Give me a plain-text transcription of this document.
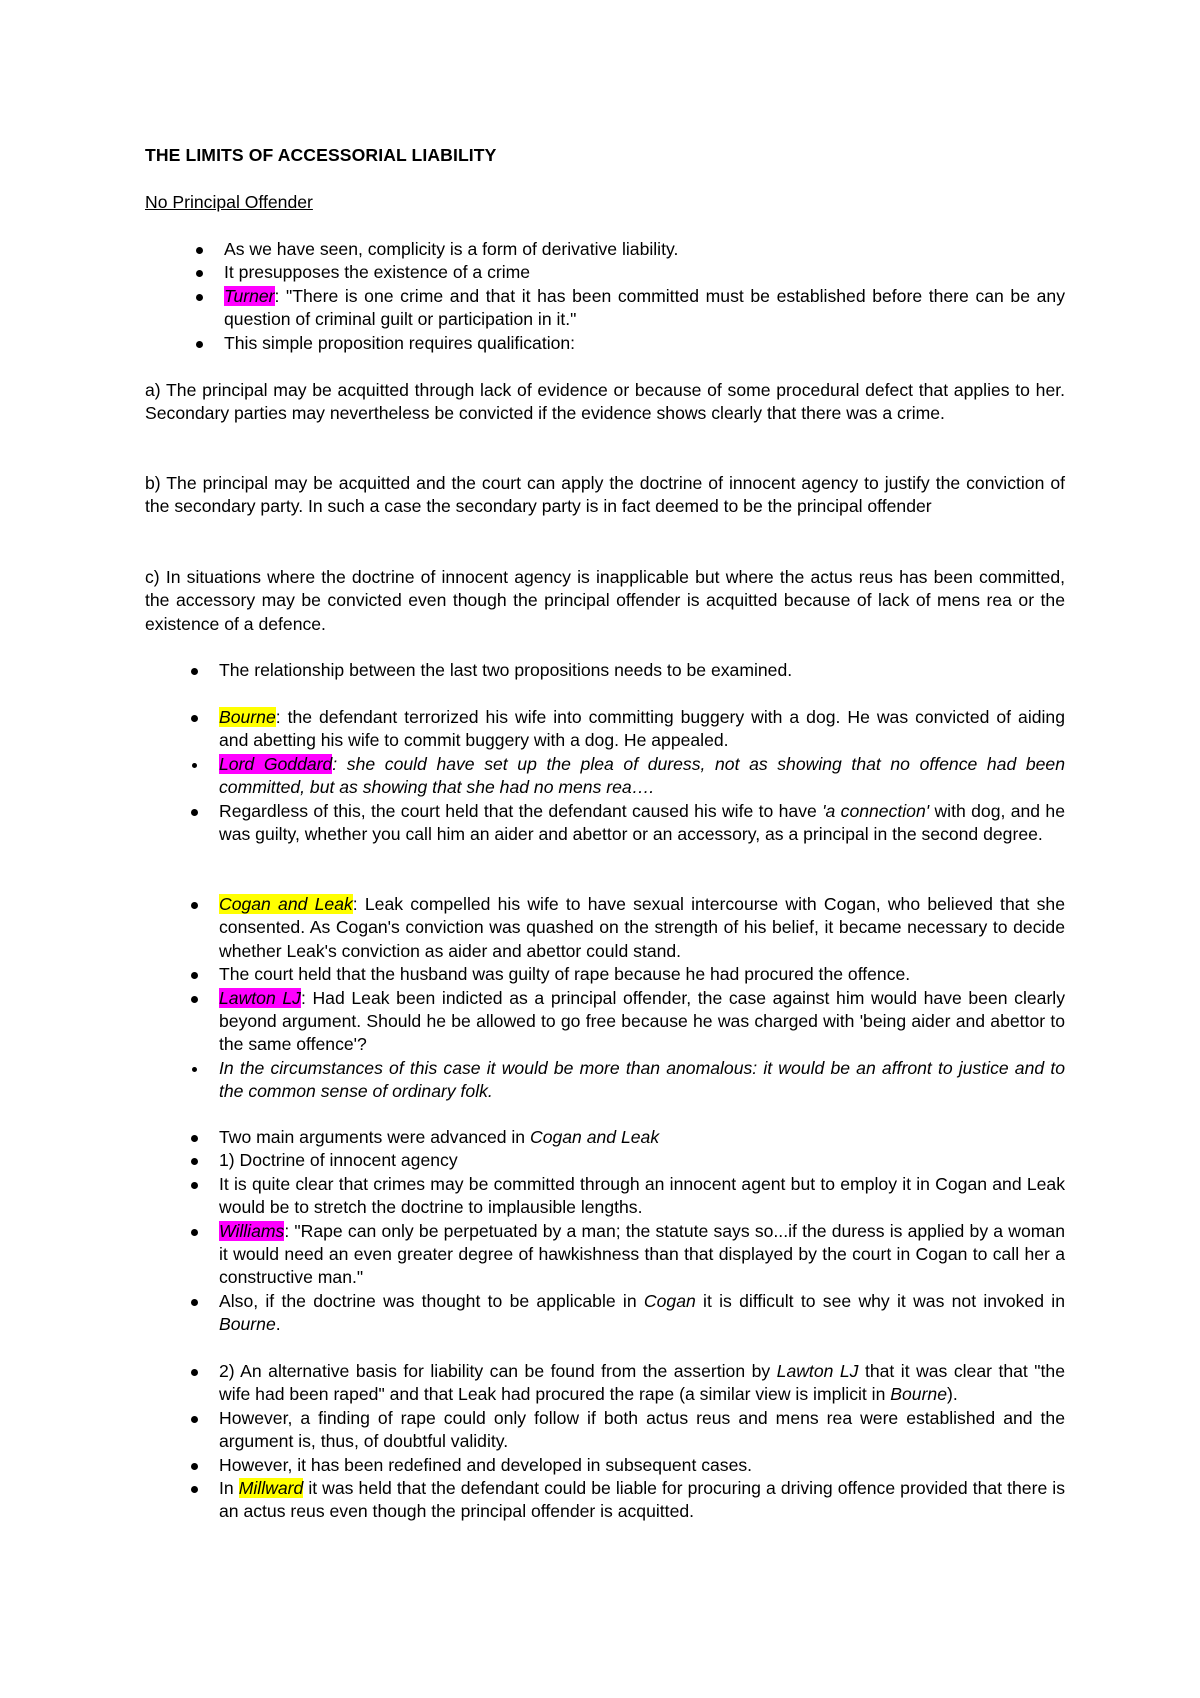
THE LIMITS OF ACCESSORIAL LIABILITY
No Principal Offender
As we have seen, complicity is a form of derivative liability.
It presupposes the existence of a crime
Turner: "There is one crime and that it has been committed must be established before there can be any question of criminal guilt or participation in it."
This simple proposition requires qualification:

a) The principal may be acquitted through lack of evidence or because of some procedural defect that applies to her. Secondary parties may nevertheless be convicted if the evidence shows clearly that there was a crime.

b) The principal may be acquitted and the court can apply the doctrine of innocent agency to justify the conviction of the secondary party. In such a case the secondary party is in fact deemed to be the principal offender

c) In situations where the doctrine of innocent agency is inapplicable but where the actus reus has been committed, the accessory may be convicted even though the principal offender is acquitted because of lack of mens rea or the existence of a defence.

The relationship between the last two propositions needs to be examined.
Bourne: the defendant terrorized his wife into committing buggery with a dog. He was convicted of aiding and abetting his wife to commit buggery with a dog. He appealed.
Lord Goddard: she could have set up the plea of duress, not as showing that no offence had been committed, but as showing that she had no mens rea….
Regardless of this, the court held that the defendant caused his wife to have 'a connection' with dog, and he was guilty, whether you call him an aider and abettor or an accessory, as a principal in the second degree.
Cogan and Leak: Leak compelled his wife to have sexual intercourse with Cogan, who believed that she consented. As Cogan's conviction was quashed on the strength of his belief, it became necessary to decide whether Leak's conviction as aider and abettor could stand.
The court held that the husband was guilty of rape because he had procured the offence.
Lawton LJ: Had Leak been indicted as a principal offender, the case against him would have been clearly beyond argument. Should he be allowed to go free because he was charged with 'being aider and abettor to the same offence'?
In the circumstances of this case it would be more than anomalous: it would be an affront to justice and to the common sense of ordinary folk.
Two main arguments were advanced in Cogan and Leak
1) Doctrine of innocent agency
It is quite clear that crimes may be committed through an innocent agent but to employ it in Cogan and Leak would be to stretch the doctrine to implausible lengths.
Williams: "Rape can only be perpetuated by a man; the statute says so...if the duress is applied by a woman it would need an even greater degree of hawkishness than that displayed by the court in Cogan to call her a constructive man."
Also, if the doctrine was thought to be applicable in Cogan it is difficult to see why it was not invoked in Bourne.
2) An alternative basis for liability can be found from the assertion by Lawton LJ that it was clear that "the wife had been raped" and that Leak had procured the rape (a similar view is implicit in Bourne).
However, a finding of rape could only follow if both actus reus and mens rea were established and the argument is, thus, of doubtful validity.
However, it has been redefined and developed in subsequent cases.
In Millward it was held that the defendant could be liable for procuring a driving offence provided that there is an actus reus even though the principal offender is acquitted.
